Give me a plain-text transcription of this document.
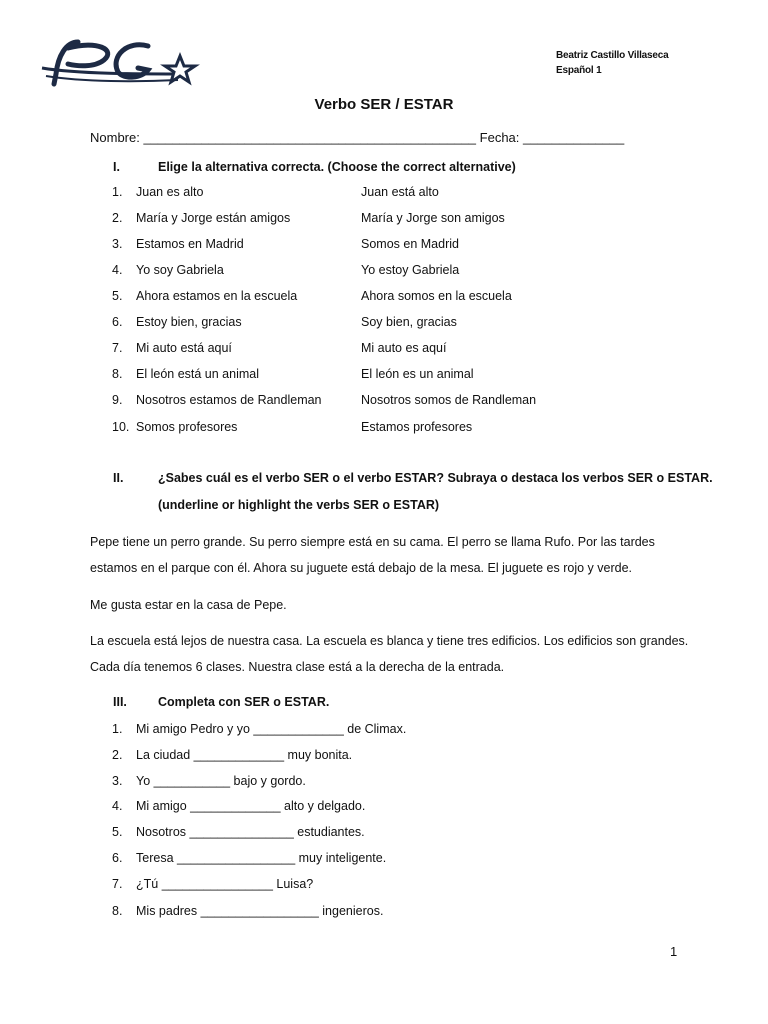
Beatriz Castillo Villaseca
Español 1
Verbo SER / ESTAR
Nombre: ______________________________________________ Fecha: ______________
I.	Elige la alternativa correcta. (Choose the correct alternative)
1. Juan es alto	Juan está alto
2. María y Jorge están amigos	María y Jorge son amigos
3. Estamos en Madrid	Somos en Madrid
4. Yo soy Gabriela	Yo estoy Gabriela
5. Ahora estamos en la escuela	Ahora somos en la escuela
6. Estoy bien, gracias	Soy bien, gracias
7. Mi auto está aquí	Mi auto es aquí
8. El león está un animal	El león es un animal
9. Nosotros estamos de Randleman	Nosotros somos de Randleman
10. Somos profesores	Estamos profesores
II.	¿Sabes cuál es el verbo SER o el verbo ESTAR? Subraya o destaca los verbos SER o ESTAR.
(underline or highlight the verbs SER o ESTAR)
Pepe tiene un perro grande. Su perro siempre está en su cama. El perro se llama Rufo. Por las tardes estamos en el parque con él. Ahora su juguete está debajo de la mesa. El juguete es rojo y verde.
Me gusta estar en la casa de Pepe.
La escuela está lejos de nuestra casa. La escuela es blanca y tiene tres edificios. Los edificios son grandes. Cada día tenemos 6 clases. Nuestra clase está a la derecha de la entrada.
III. Completa con SER o ESTAR.
1. Mi amigo Pedro y yo _____________ de Climax.
2. La ciudad _____________ muy bonita.
3. Yo ___________ bajo y gordo.
4. Mi amigo _____________ alto y delgado.
5. Nosotros _______________ estudiantes.
6. Teresa _________________ muy inteligente.
7. ¿Tú ________________ Luisa?
8. Mis padres _________________ ingenieros.
1
